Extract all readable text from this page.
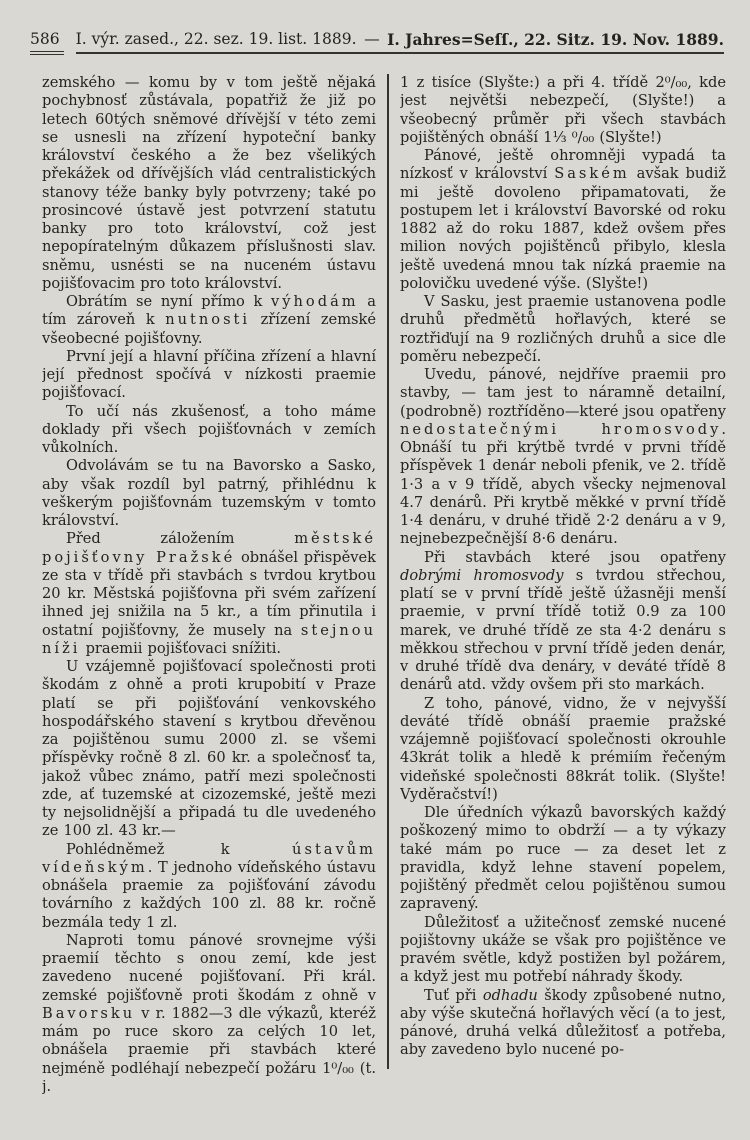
586 I. výr. zased., 22. sez. 19. list. 1889. — I. Jahres=Seſſ., 22. Sitz. 19. Nov. 1889.

zemského — komu by v tom ještě nějaká pochybnosť zůstávala, popatřiž že již po letech 60tých sněmové dřívější v této zemi se usnesli na zřízení hypoteční banky království českého a že bez všelikých překážek od dřívějších vlád centralistických stanovy téže banky byly potvrzeny; také po prosincové ústavě jest potvrzení statutu banky pro toto království, což jest nepopíratelným důkazem příslušnosti slav. sněmu, usnésti se na nuceném ústavu pojišťovacim pro toto království.

Obrátím se nyní přímo k výhodám a tím zároveň k nutnosti zřízení zemské všeobecné pojišťovny.

První její a hlavní příčina zřízení a hlavní její přednost spočívá v nízkosti praemie pojišťovací.

To učí nás zkušenosť, a toho máme doklady při všech pojišťovnách v zemích vůkolních.

Odvolávám se tu na Bavorsko a Sasko, aby však rozdíl byl patrný, přihlédnu k veškerým pojišťovnám tuzemským v tomto království.

Před záložením městské pojišťovny Pražské obnášel přispěvek ze sta v třídě při stavbách s tvrdou krytbou 20 kr. Městská pojišťovna při svém zařízení ihned jej snižila na 5 kr., a tím přinutila i ostatní pojišťovny, že musely na stejnou níži praemii pojišťovaci snížiti.

U vzájemně pojišťovací společnosti proti škodám z ohně a proti krupobití v Praze platí se při pojišťování venkovského hospodářského stavení s krytbou dřevěnou za pojištěnou sumu 2000 zl. se všemi příspěvky ročně 8 zl. 60 kr. a společnosť ta, jakož vůbec známo, patří mezi společnosti zde, ať tuzemské at cizozemské, ještě mezi ty nejsolidnější a připadá tu dle uvedeného ze 100 zl. 43 kr.—

Pohlédněmež k ústavům vídeňským. T jednoho vídeňského ústavu obnášela praemie za pojišťování závodu továrního z každých 100 zl. 88 kr. ročně bezmála tedy 1 zl.

Naproti tomu pánové srovnejme výši praemií těchto s onou zemí, kde jest zavedeno nucené pojišťovaní. Při král. zemské pojišťovně proti škodám z ohně v Bavorsku v r. 1882—3 dle výkazů, kteréž mám po ruce skoro za celých 10 let, obnášela praemie při stavbách které nejméně podléhají nebezpečí požáru 1⁰/₀₀ (t. j.

1 z tisíce (Slyšte:) a při 4. třídě 2⁰/₀₀, kde jest největši nebezpečí, (Slyšte!) a všeobecný průměr při všech stavbách pojištěných obnáší 1⅓ ⁰/₀₀ (Slyšte!)

Pánové, ještě ohromněji vypadá ta nízkosť v království Saském avšak budiž mi ještě dovoleno připamatovati, že postupem let i království Bavorské od roku 1882 až do roku 1887, kdež ovšem přes milion nových pojištěnců přibylo, klesla ještě uvedená mnou tak nízká praemie na polovičku uvedené výše. (Slyšte!)

V Sasku, jest praemie ustanovena podle druhů předmětů hořlavých, které se roztřiďují na 9 rozličných druhů a sice dle poměru nebezpečí.

Uvedu, pánové, nejdříve praemii pro stavby, — tam jest to náramně detailní, (podrobně) roztříděno—které jsou opatřeny nedostatečnými hromosvody. Obnáší tu při krýtbě tvrdé v prvni třídě příspěvek 1 denár neboli pfenik, ve 2. třídě 1·3 a v 9 třídě, abych všecky nejmenoval 4.7 denárů. Při krytbě měkké v první třídě 1·4 denáru, v druhé třidě 2·2 denáru a v 9, nejnebezpečnější 8·6 denáru.

Při stavbách které jsou opatřeny dobrými hromosvody s tvrdou střechou, platí se v první třídě ještě úžasněji menší praemie, v první třídě totiž 0.9 za 100 marek, ve druhé třídě ze sta 4·2 denáru s měkkou střechou v první třídě jeden denár, v druhé třídě dva denáry, v deváté třídě 8 denárů atd. vždy ovšem při sto markách.

Z toho, pánové, vidno, že v nejvyšší deváté třídě obnáší praemie pražské vzájemně pojišťovací společnosti okrouhle 43krát tolik a hledě k prémiím řečeným videňské společnosti 88krát tolik. (Slyšte! Vyděračství!)

Dle úředních výkazů bavorských každý poškozený mimo to obdrží — a ty výkazy také mám po ruce — za deset let z pravidla, když lehne stavení popelem, pojištěný předmět celou pojištěnou sumou zapravený.

Důležitosť a užitečnosť zemské nucené pojištovny ukáže se však pro pojištěnce ve pravém světle, když postižen byl požárem, a když jest mu potřebí náhrady škody.

Tuť při odhadu škody způsobené nutno, aby výše skutečná hořlavých věcí (a to jest, pánové, druhá velká důležitosť a potřeba, aby zavedeno bylo nucené po-
